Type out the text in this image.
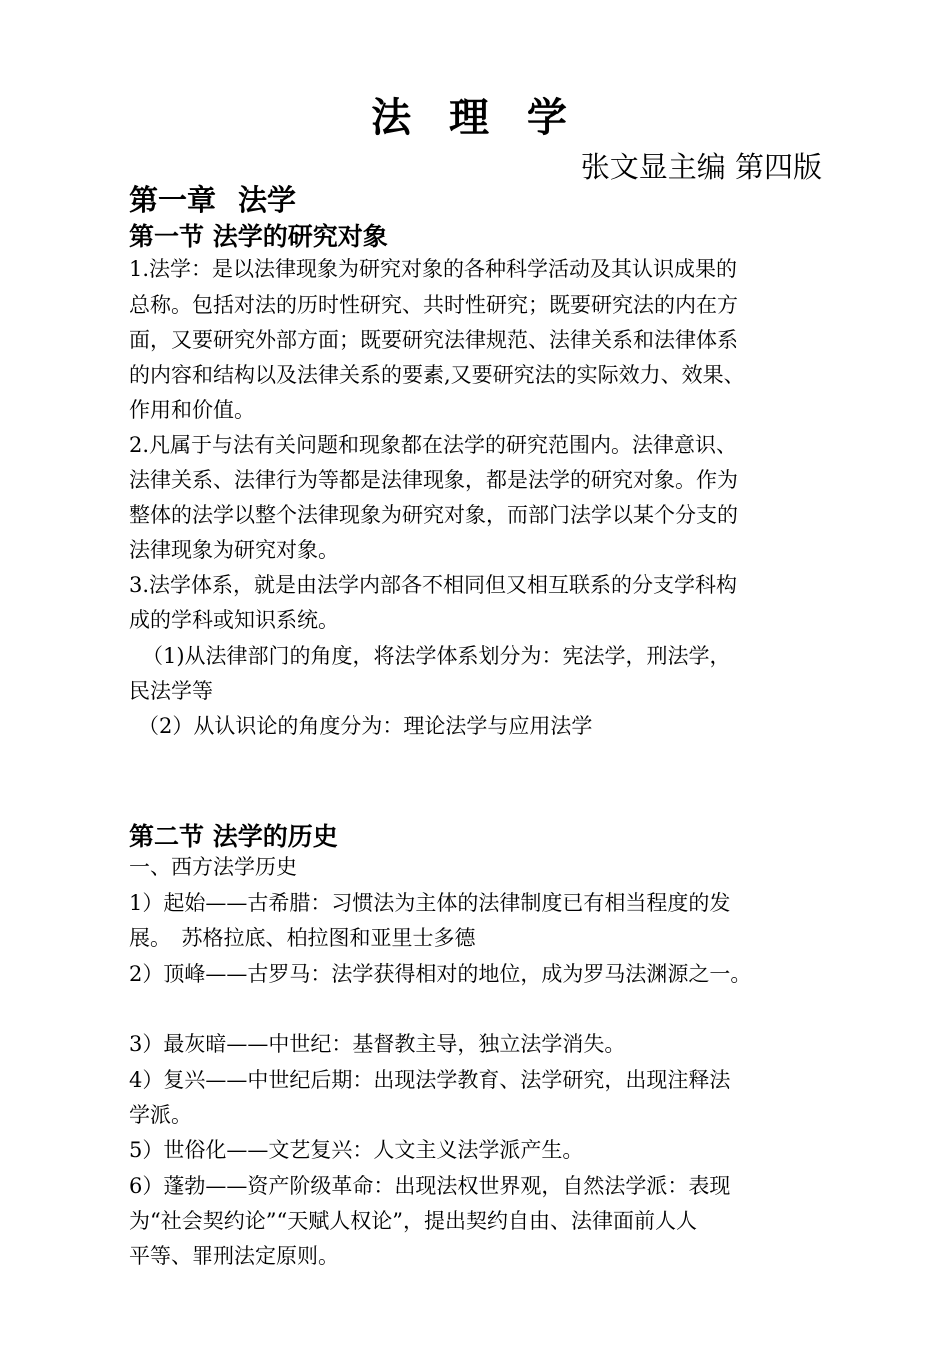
法 理 学
张文显主编 第四版
第一章 法学
第一节 法学的研究对象
1.法学：是以法律现象为研究对象的各种科学活动及其认识成果的
总称。包括对法的历时性研究、共时性研究；既要研究法的内在方
面，又要研究外部方面；既要研究法律规范、法律关系和法律体系
的内容和结构以及法律关系的要素,又要研究法的实际效力、效果、
作用和价值。
2.凡属于与法有关问题和现象都在法学的研究范围内。法律意识、
法律关系、法律行为等都是法律现象，都是法学的研究对象。作为
整体的法学以整个法律现象为研究对象，而部门法学以某个分支的
法律现象为研究对象。
3.法学体系，就是由法学内部各不相同但又相互联系的分支学科构
成的学科或知识系统。
（1)从法律部门的角度，将法学体系划分为：宪法学，刑法学，
民法学等
（2）从认识论的角度分为：理论法学与应用法学
第二节 法学的历史
一、西方法学历史
1）起始——古希腊：习惯法为主体的法律制度已有相当程度的发
展。　苏格拉底、柏拉图和亚里士多德
2）顶峰——古罗马：法学获得相对的地位，成为罗马法渊源之一。
3）最灰暗——中世纪：基督教主导，独立法学消失。
4）复兴——中世纪后期：出现法学教育、法学研究，出现注释法
学派。
5）世俗化——文艺复兴：人文主义法学派产生。
6）蓬勃——资产阶级革命：出现法权世界观，自然法学派：表现
为“社会契约论”“天赋人权论”，提出契约自由、法律面前人人
平等、罪刑法定原则。
